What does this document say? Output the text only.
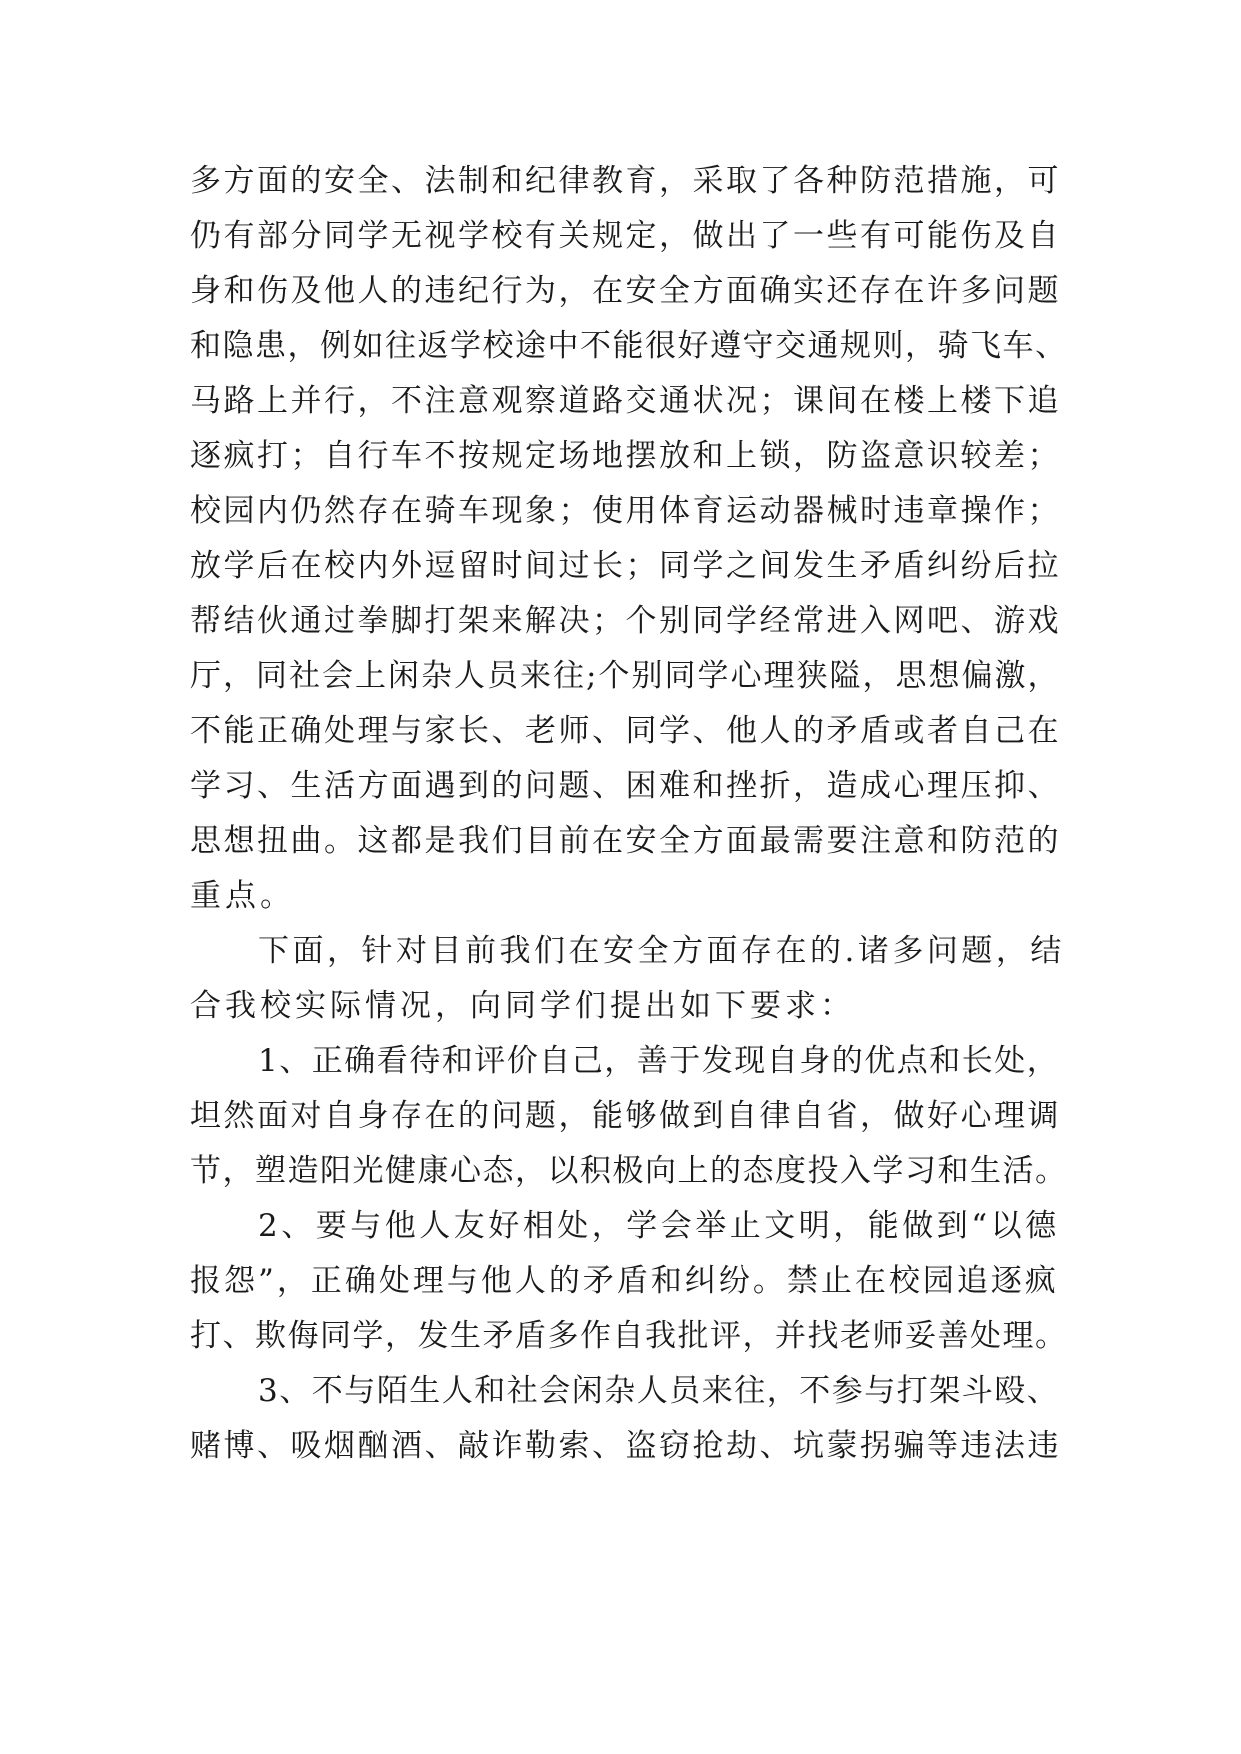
多方面的安全、法制和纪律教育，采取了各种防范措施，可
仍有部分同学无视学校有关规定，做出了一些有可能伤及自
身和伤及他人的违纪行为，在安全方面确实还存在许多问题
和隐患，例如往返学校途中不能很好遵守交通规则，骑飞车、
马路上并行，不注意观察道路交通状况；课间在楼上楼下追
逐疯打；自行车不按规定场地摆放和上锁，防盗意识较差；
校园内仍然存在骑车现象；使用体育运动器械时违章操作；
放学后在校内外逗留时间过长；同学之间发生矛盾纠纷后拉
帮结伙通过拳脚打架来解决；个别同学经常进入网吧、游戏
厅，同社会上闲杂人员来往;个别同学心理狭隘，思想偏激，
不能正确处理与家长、老师、同学、他人的矛盾或者自己在
学习、生活方面遇到的问题、困难和挫折，造成心理压抑、
思想扭曲。这都是我们目前在安全方面最需要注意和防范的
重点。
下面，针对目前我们在安全方面存在的.诸多问题，结
合我校实际情况，向同学们提出如下要求：
1、正确看待和评价自己，善于发现自身的优点和长处，
坦然面对自身存在的问题，能够做到自律自省，做好心理调
节，塑造阳光健康心态，以积极向上的态度投入学习和生活。
2、要与他人友好相处，学会举止文明，能做到“以德
报怨”，正确处理与他人的矛盾和纠纷。禁止在校园追逐疯
打、欺侮同学，发生矛盾多作自我批评，并找老师妥善处理。
3、不与陌生人和社会闲杂人员来往，不参与打架斗殴、
赌博、吸烟酗酒、敲诈勒索、盗窃抢劫、坑蒙拐骗等违法违
